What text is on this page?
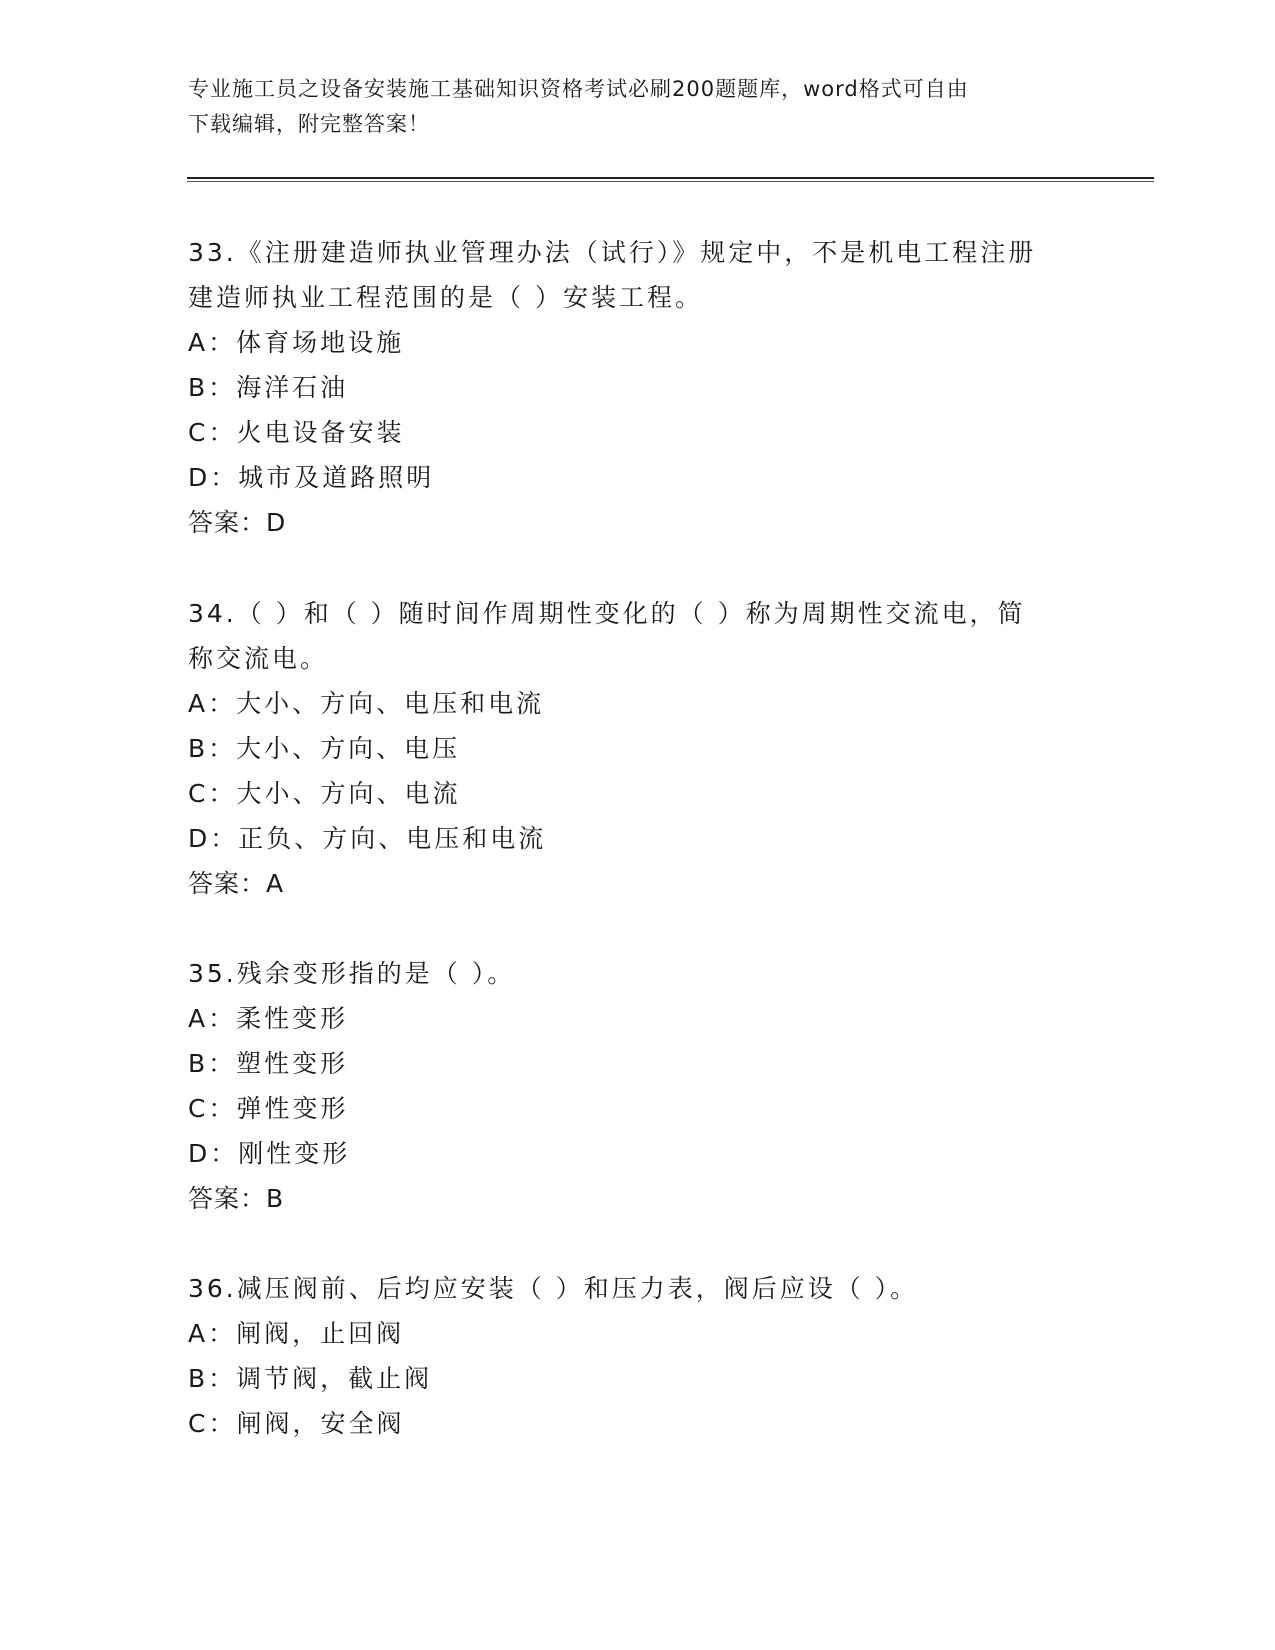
专业施工员之设备安装施工基础知识资格考试必刷200题题库，word格式可自由
下载编辑，附完整答案！
33.《注册建造师执业管理办法（试行）》规定中，不是机电工程注册
建造师执业工程范围的是（ ）安装工程。
A：体育场地设施
B：海洋石油
C：火电设备安装
D：城市及道路照明
答案：D
34.（ ）和（ ）随时间作周期性变化的（ ）称为周期性交流电，简
称交流电。
A：大小、方向、电压和电流
B：大小、方向、电压
C：大小、方向、电流
D：正负、方向、电压和电流
答案：A
35.残余变形指的是（ ）。
A：柔性变形
B：塑性变形
C：弹性变形
D：刚性变形
答案：B
36.减压阀前、后均应安装（ ）和压力表，阀后应设（ ）。
A：闸阀，止回阀
B：调节阀，截止阀
C：闸阀，安全阀
